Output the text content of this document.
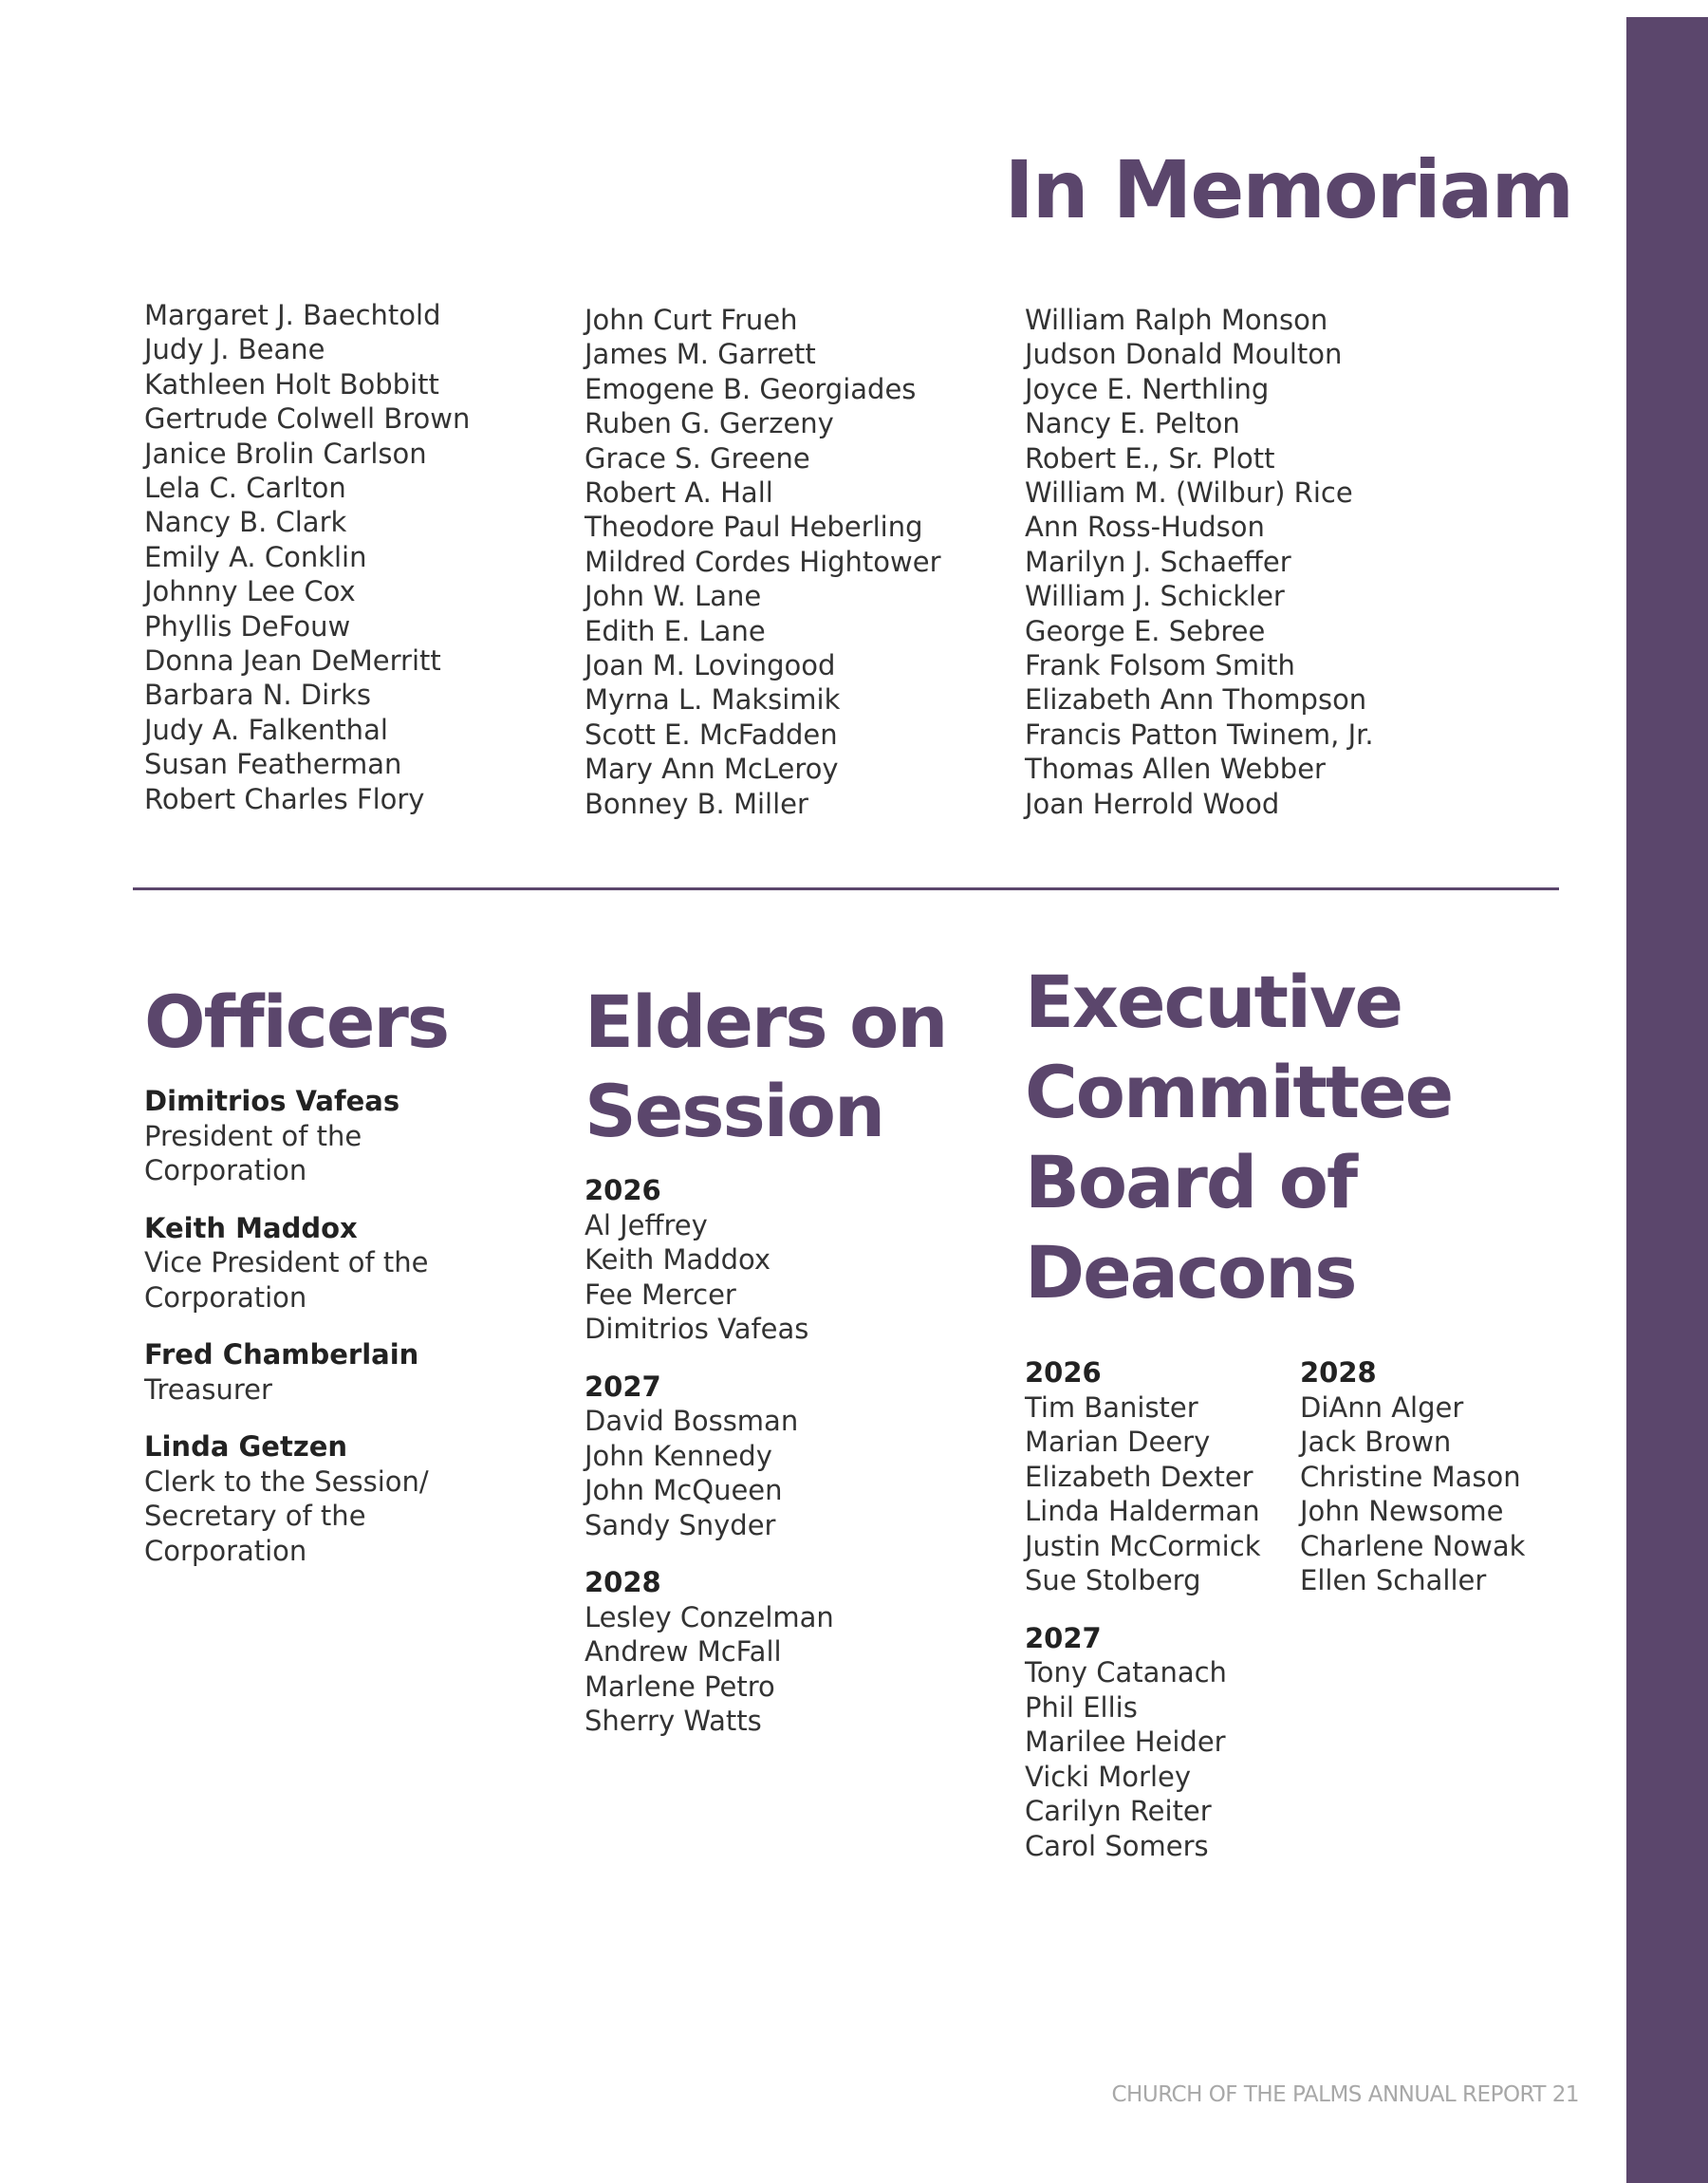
In Memoriam
Margaret J. Baechtold
Judy J. Beane
Kathleen Holt Bobbitt
Gertrude Colwell Brown
Janice Brolin Carlson
Lela C. Carlton
Nancy B. Clark
Emily A. Conklin
Johnny Lee Cox
Phyllis DeFouw
Donna Jean DeMerritt
Barbara N. Dirks
Judy A. Falkenthal
Susan Featherman
Robert Charles Flory
John Curt Frueh
James M. Garrett
Emogene B. Georgiades
Ruben G. Gerzeny
Grace S. Greene
Robert A. Hall
Theodore Paul Heberling
Mildred Cordes Hightower
John W. Lane
Edith E. Lane
Joan M. Lovingood
Myrna L. Maksimik
Scott E. McFadden
Mary Ann McLeroy
Bonney B. Miller
William Ralph Monson
Judson Donald Moulton
Joyce E. Nerthling
Nancy E. Pelton
Robert E., Sr. Plott
William M. (Wilbur) Rice
Ann Ross-Hudson
Marilyn J. Schaeffer
William J. Schickler
George E. Sebree
Frank Folsom Smith
Elizabeth Ann Thompson
Francis Patton Twinem, Jr.
Thomas Allen Webber
Joan Herrold Wood
Officers
Dimitrios Vafeas

President of the
Corporation

Keith Maddox

Vice President of the
Corporation

Fred Chamberlain

Treasurer

Linda Getzen

Clerk to the Session/
Secretary of the
Corporation

Elders on
Session
2026
Al Jeffrey
Keith Maddox
Fee Mercer
Dimitrios Vafeas
2027
David Bossman
John Kennedy
John McQueen
Sandy Snyder
2028
Lesley Conzelman
Andrew McFall
Marlene Petro
Sherry Watts
Executive
Committee
Board of
Deacons
2026
Tim Banister
Marian Deery
Elizabeth Dexter
Linda Halderman
Justin McCormick
Sue Stolberg
2027
Tony Catanach
Phil Ellis
Marilee Heider
Vicki Morley
Carilyn Reiter
Carol Somers
2028
DiAnn Alger
Jack Brown
Christine Mason
John Newsome
Charlene Nowak
Ellen Schaller
CHURCH OF THE PALMS ANNUAL REPORT 21
